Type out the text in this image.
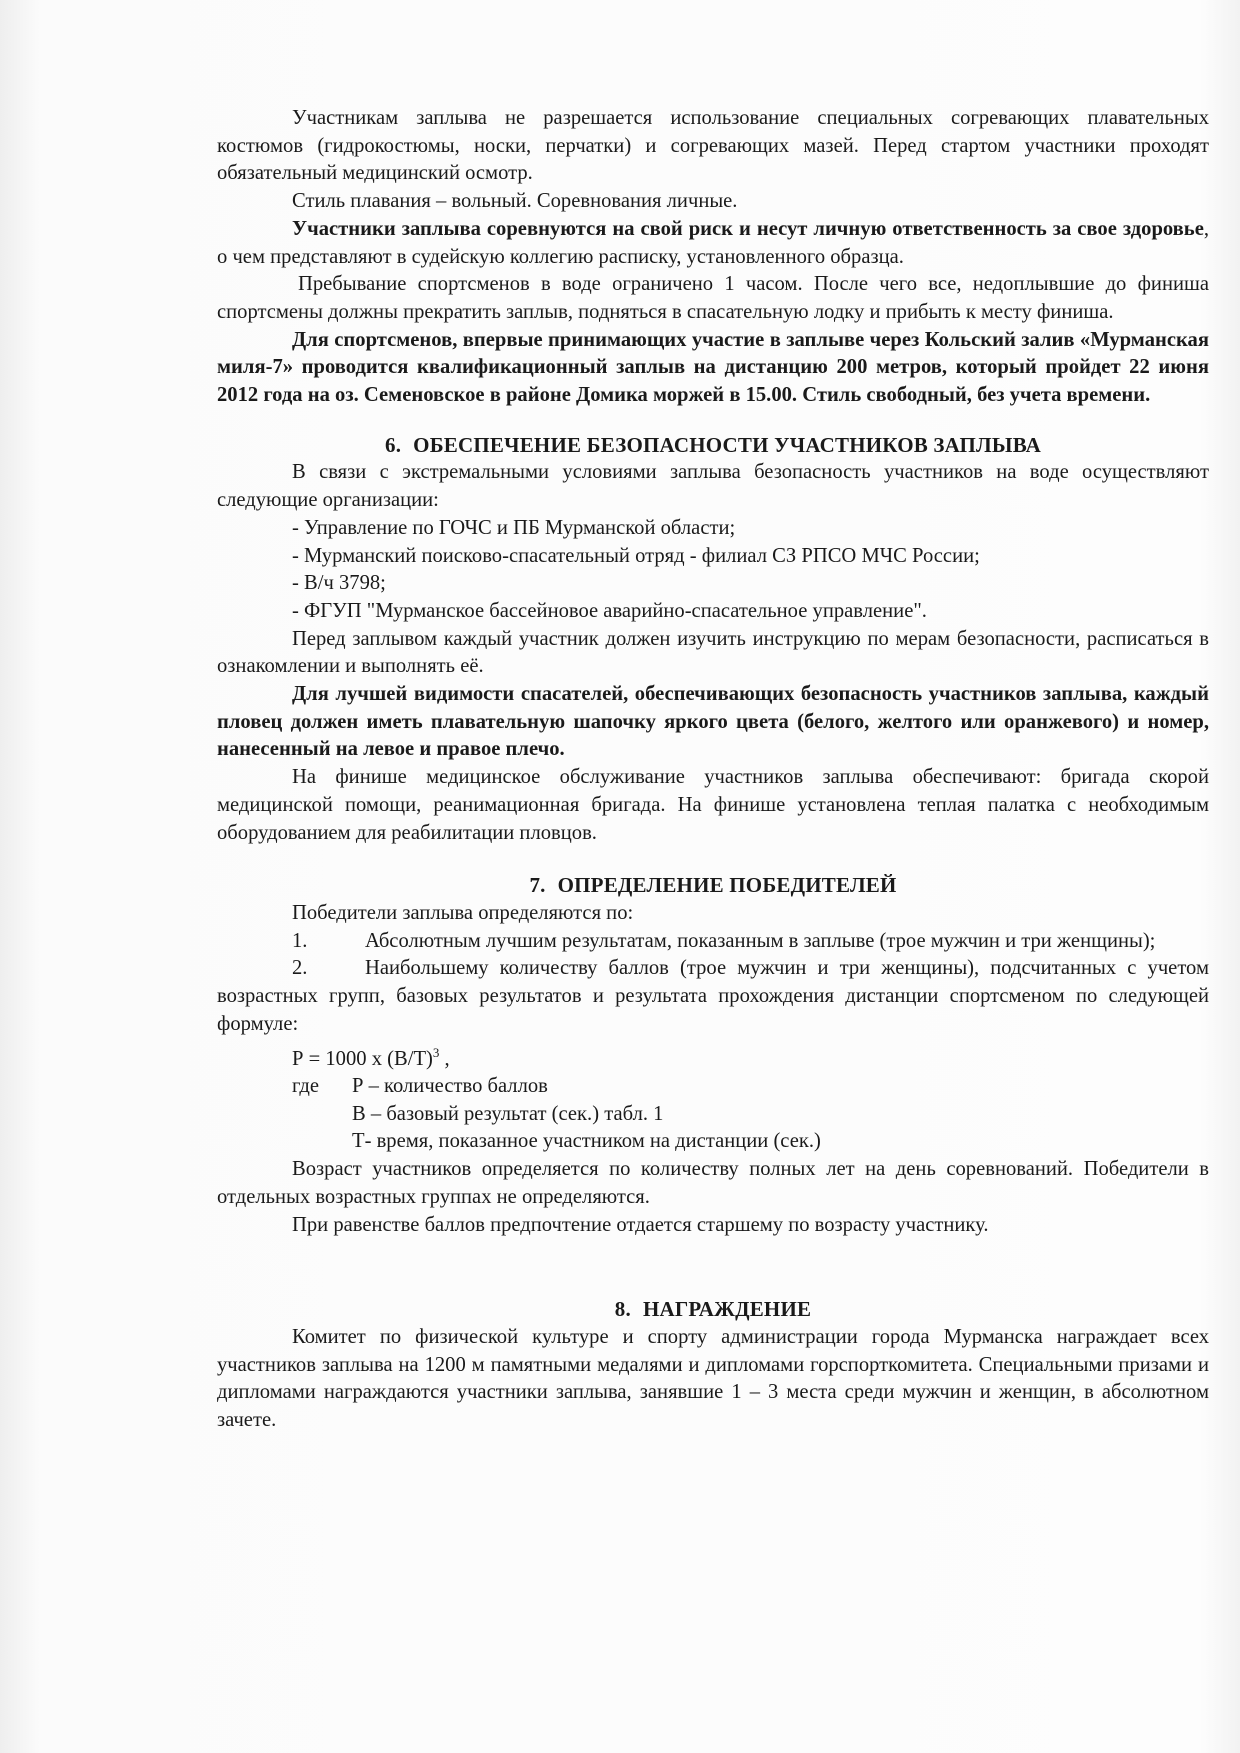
Участникам заплыва не разрешается использование специальных согревающих плавательных костюмов (гидрокостюмы, носки, перчатки) и согревающих мазей. Перед стартом участники проходят обязательный медицинский осмотр.

Стиль плавания – вольный. Соревнования личные.

Участники заплыва соревнуются на свой риск и несут личную ответственность за свое здоровье, о чем представляют в судейскую коллегию расписку, установленного образца.

Пребывание спортсменов в воде ограничено 1 часом. После чего все, недоплывшие до финиша спортсмены должны прекратить заплыв, подняться в спасательную лодку и прибыть к месту финиша.

Для спортсменов, впервые принимающих участие в заплыве через Кольский залив «Мурманская миля-7» проводится квалификационный заплыв на дистанцию 200 метров, который пройдет 22 июня 2012 года на оз. Семеновское в районе Домика моржей в 15.00. Стиль свободный, без учета времени.

6. ОБЕСПЕЧЕНИЕ БЕЗОПАСНОСТИ УЧАСТНИКОВ ЗАПЛЫВА

В связи с экстремальными условиями заплыва безопасность участников на воде осуществляют следующие организации:

- Управление по ГОЧС и ПБ Мурманской области;

- Мурманский поисково-спасательный отряд - филиал СЗ РПСО МЧС России;

- В/ч 3798;

- ФГУП "Мурманское бассейновое аварийно-спасательное управление".

Перед заплывом каждый участник должен изучить инструкцию по мерам безопасности, расписаться в ознакомлении и выполнять её.

Для лучшей видимости спасателей, обеспечивающих безопасность участников заплыва, каждый пловец должен иметь плавательную шапочку яркого цвета (белого, желтого или оранжевого) и номер, нанесенный на левое и правое плечо.

На финише медицинское обслуживание участников заплыва обеспечивают: бригада скорой медицинской помощи, реанимационная бригада. На финише установлена теплая палатка с необходимым оборудованием для реабилитации пловцов.

7. ОПРЕДЕЛЕНИЕ ПОБЕДИТЕЛЕЙ

Победители заплыва определяются по:

1.	Абсолютным лучшим результатам, показанным в заплыве (трое мужчин и три женщины);

2.	Наибольшему количеству баллов (трое мужчин и три женщины), подсчитанных с учетом возрастных групп, базовых результатов и результата прохождения дистанции спортсменом по следующей формуле:

Р = 1000 х $(В/Т)^3$ ,

где Р – количество баллов

В – базовый результат (сек.) табл. 1

Т- время, показанное участником на дистанции (сек.)

Возраст участников определяется по количеству полных лет на день соревнований. Победители в отдельных возрастных группах не определяются.

При равенстве баллов предпочтение отдается старшему по возрасту участнику.

8. НАГРАЖДЕНИЕ

Комитет по физической культуре и спорту администрации города Мурманска награждает всех участников заплыва на 1200 м памятными медалями и дипломами горспорткомитета. Специальными призами и дипломами награждаются участники заплыва, занявшие 1 – 3 места среди мужчин и женщин, в абсолютном зачете.
